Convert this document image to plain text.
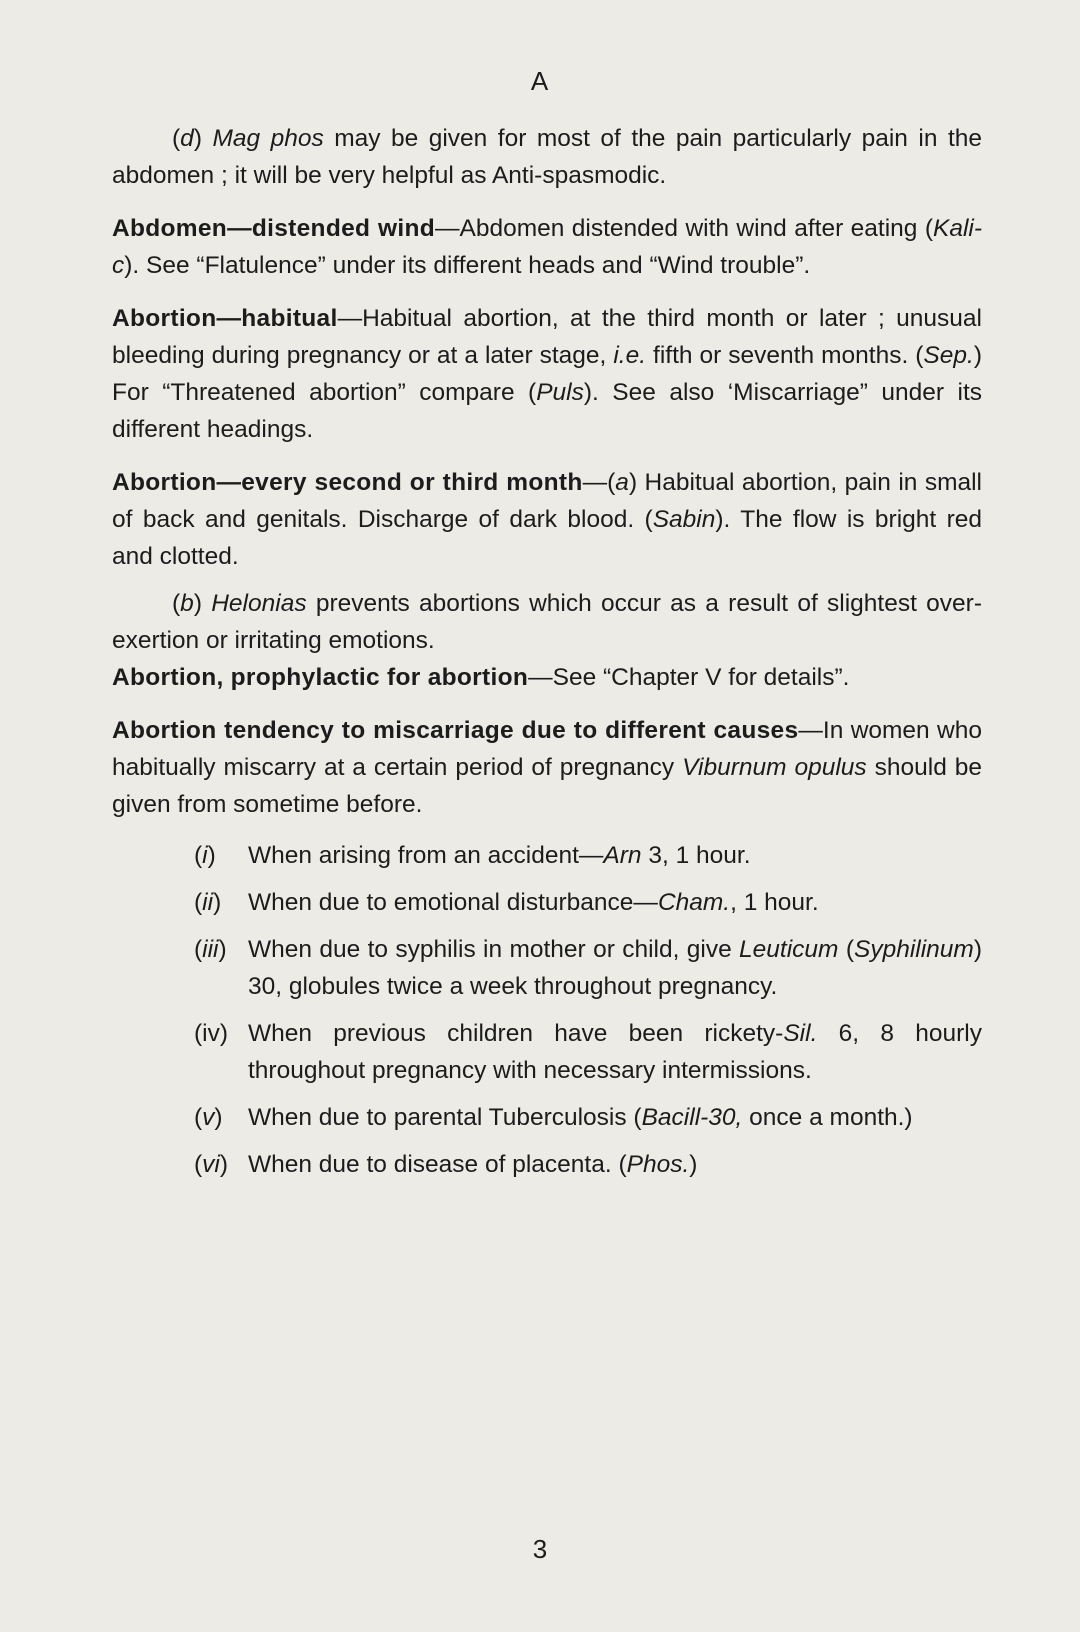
A

(d) Mag phos may be given for most of the pain particularly pain in the abdomen ; it will be very helpful as Anti-spasmodic.

Abdomen—distended wind—Abdomen distended with wind after eating (Kali-c). See “Flatulence” under its different heads and “Wind trouble”.

Abortion—habitual—Habitual abortion, at the third month or later ; unusual bleeding during pregnancy or at a later stage, i.e. fifth or seventh months. (Sep.) For “Threatened abortion” compare (Puls). See also ‘Miscarriage” under its different headings.

Abortion—every second or third month—(a) Habitual abortion, pain in small of back and genitals. Discharge of dark blood. (Sabin). The flow is bright red and clotted.

(b) Helonias prevents abortions which occur as a result of slightest over-exertion or irritating emotions.

Abortion, prophylactic for abortion—See “Chapter V for details”.

Abortion tendency to miscarriage due to different causes—In women who habitually miscarry at a certain period of pregnancy Viburnum opulus should be given from sometime before.

(i) When arising from an accident—Arn 3, 1 hour.
(ii) When due to emotional disturbance—Cham., 1 hour.
(iii) When due to syphilis in mother or child, give Leuticum (Syphilinum) 30, globules twice a week throughout pregnancy.
(iv) When previous children have been rickety-Sil. 6, 8 hourly throughout pregnancy with necessary intermissions.
(v) When due to parental Tuberculosis (Bacill-30, once a month.)
(vi) When due to disease of placenta. (Phos.)
3
